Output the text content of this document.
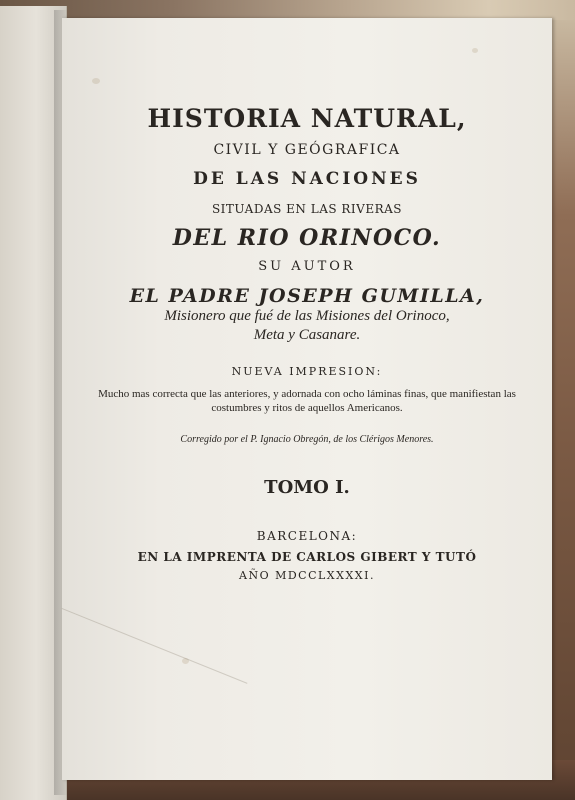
HISTORIA NATURAL,
CIVIL Y GEÓGRAFICA
DE LAS NACIONES
SITUADAS EN LAS RIVERAS
DEL RIO ORINOCO.
SU AUTOR
EL PADRE JOSEPH GUMILLA,
Misionero que fué de las Misiones del Orinoco,
Meta y Casanare.
NUEVA IMPRESION:
Mucho mas correcta que las anteriores, y adornada con ocho láminas finas, que manifiestan las costumbres y ritos de aquellos Americanos.
Corregido por el P. Ignacio Obregón, de los Clérigos Menores.
TOMO I.
BARCELONA:
EN LA IMPRENTA DE CARLOS GIBERT Y TUTÓ
AÑO MDCCLXXXXI.
